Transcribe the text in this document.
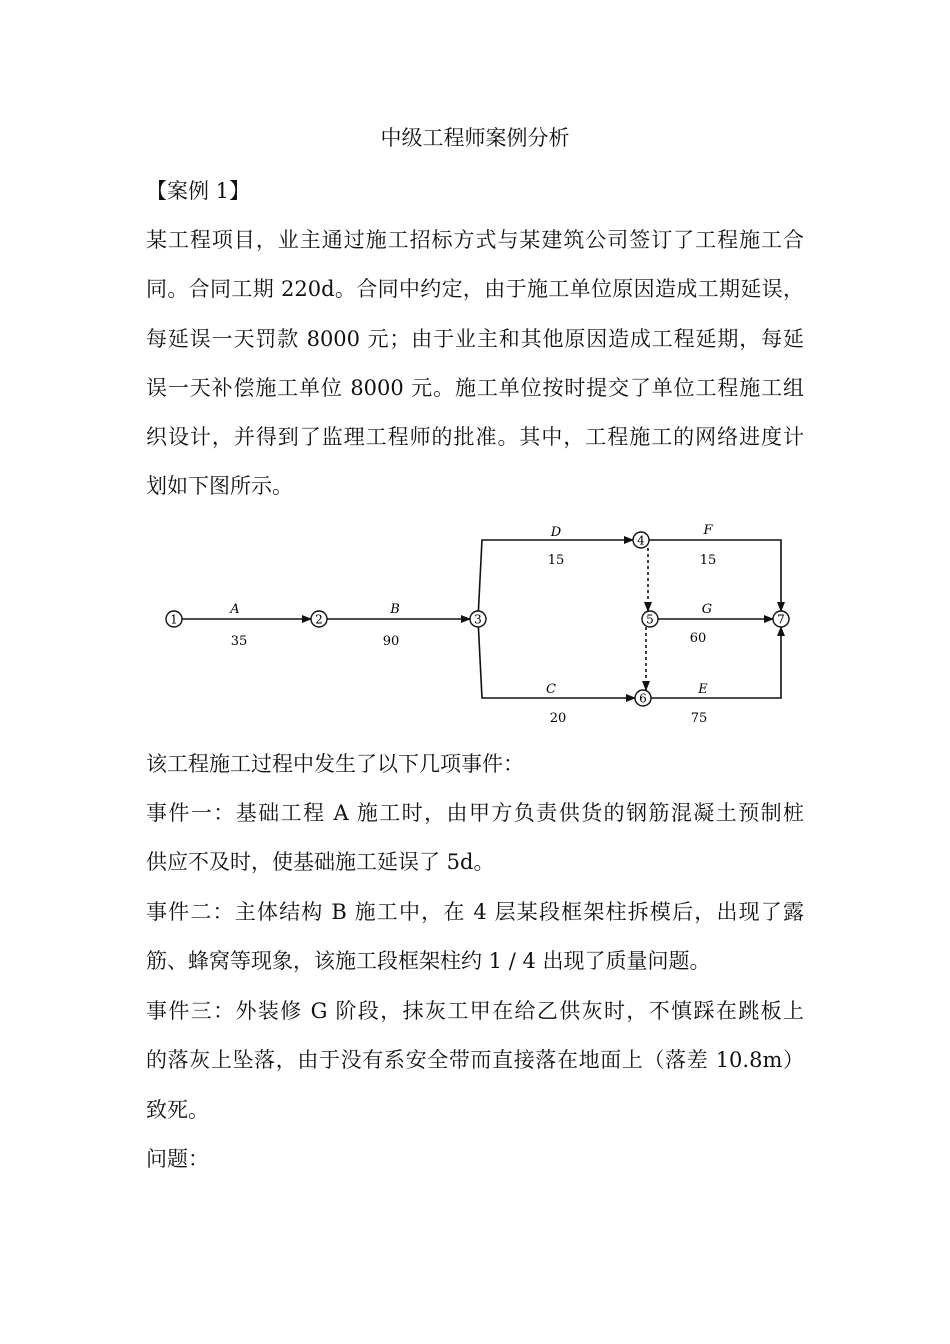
中级工程师案例分析
【案例 1】
某工程项目，业主通过施工招标方式与某建筑公司签订了工程施工合
同。合同工期 220d。合同中约定，由于施工单位原因造成工期延误，
每延误一天罚款 8000 元；由于业主和其他原因造成工程延期，每延
误一天补偿施工单位 8000 元。施工单位按时提交了单位工程施工组
织设计，并得到了监理工程师的批准。其中，工程施工的网络进度计
划如下图所示。
1	2	3
4
5
6
7
A
35
B
90
D
15
F
15
G
60
C
20
E
75
该工程施工过程中发生了以下几项事件：
事件一：基础工程 A 施工时，由甲方负责供货的钢筋混凝土预制桩
供应不及时，使基础施工延误了 5d。
事件二：主体结构 B 施工中，在 4 层某段框架柱拆模后，出现了露
筋、蜂窝等现象，该施工段框架柱约 1 / 4 出现了质量问题。
事件三：外装修 G 阶段，抹灰工甲在给乙供灰时，不慎踩在跳板上
的落灰上坠落，由于没有系安全带而直接落在地面上（落差 10.8m）
致死。
问题：
